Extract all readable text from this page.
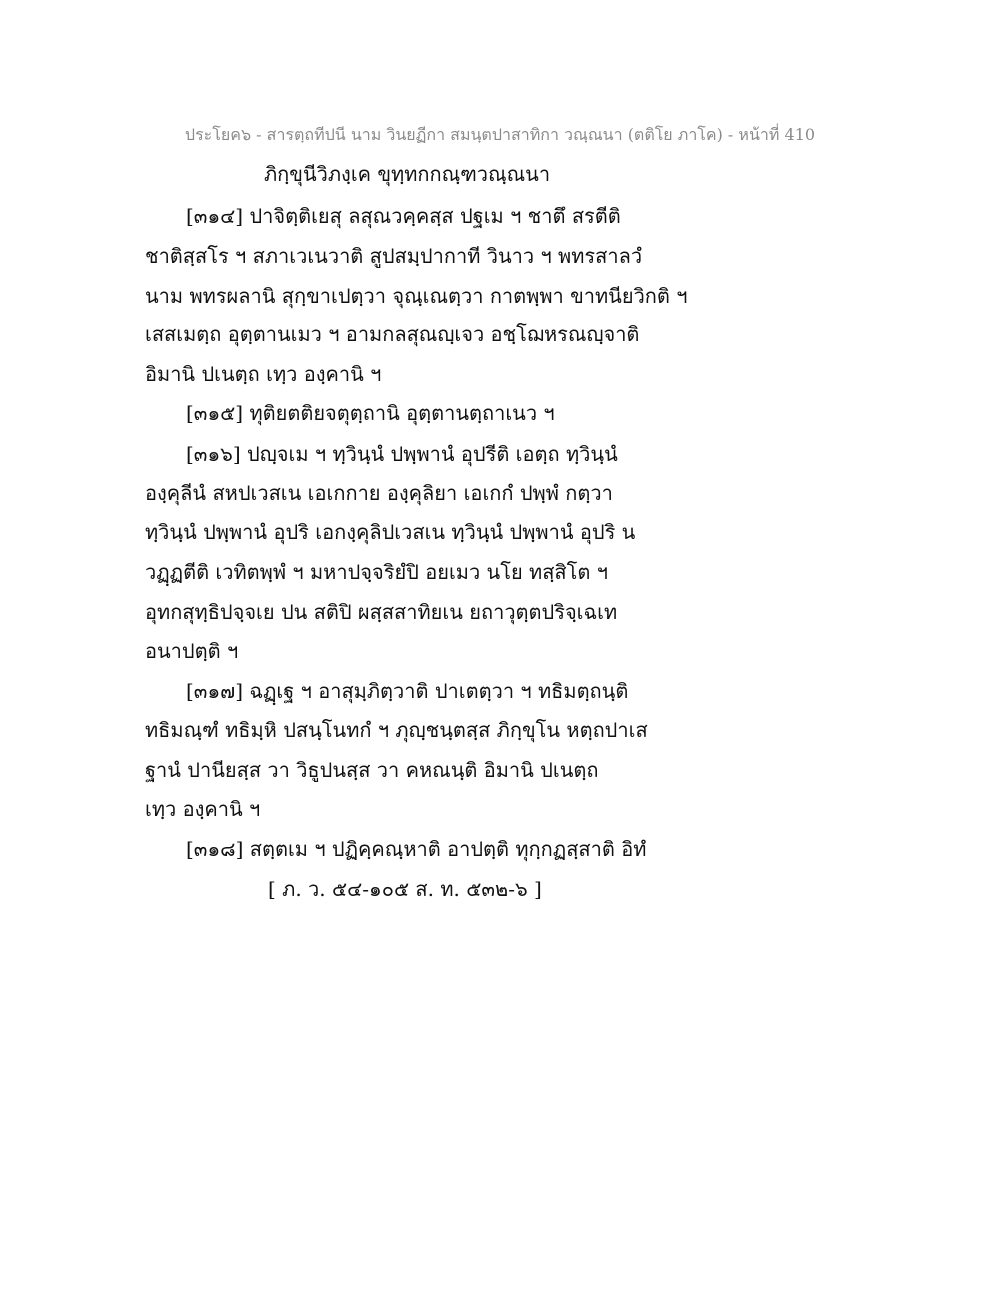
ประโยค๖ - สารตฺถทีปนี นาม วินยฏีกา สมนฺตปาสาทิกา วณฺณนา (ตติโย ภาโค) - หน้าที่ 410
ภิกฺขุนีวิภงฺเค ขุทฺทกกณฺฑวณฺณนา
[๓๑๔] ปาจิตฺติเยสุ ลสุณวคฺคสฺส ปฐเม ฯ ชาตึ สรตีติ
ชาติสฺสโร ฯ สภาเวเนวาติ สูปสมฺปากาที วินาว ฯ พทรสาลวํ
นาม พทรผลานิ สุกฺขาเปตฺวา จุณฺเณตฺวา กาตพฺพา ขาทนียวิกติ ฯ
เสสเมตฺถ อุตฺตานเมว ฯ อามกลสุณญฺเจว อชฺโฌหรณญฺจาติ
อิมานิ ปเนตฺถ เทฺว องฺคานิ ฯ
[๓๑๕] ทุติยตติยจตุตฺถานิ อุตฺตานตฺถาเนว ฯ
[๓๑๖] ปญฺจเม ฯ ทฺวินฺนํ ปพฺพานํ อุปรีติ เอตฺถ ทฺวินฺนํ
องฺคุลีนํ สหปเวสเน เอเกกาย องฺคุลิยา เอเกกํ ปพฺพํ กตฺวา
ทฺวินฺนํ ปพฺพานํ อุปริ เอกงฺคุลิปเวสเน ทฺวินฺนํ ปพฺพานํ อุปริ น
วฏฺฏตีติ เวทิตพฺพํ ฯ มหาปจฺจริยํปิ อยเมว นโย ทสฺสิโต ฯ
อุทกสุทฺธิปจฺจเย ปน สติปิ ผสฺสสาทิยเน ยถาวุตฺตปริจฺเฉเท
อนาปตฺติ ฯ
[๓๑๗] ฉฏฺเฐ ฯ อาสุมฺภิตฺวาติ ปาเตตฺวา ฯ ทธิมตฺถนฺติ
ทธิมณฺฑํ ทธิมฺหิ ปสนฺโนทกํ ฯ ภุญฺชนฺตสฺส ภิกฺขุโน หตฺถปาเส
ฐานํ ปานียสฺส วา วิธูปนสฺส วา คหณนฺติ อิมานิ ปเนตฺถ
เทฺว องฺคานิ ฯ
[๓๑๘] สตฺตเม ฯ ปฏิคฺคณฺหาติ อาปตฺติ ทุกฺกฏสฺสาติ อิทํ
[ ภ. ว. ๕๔-๑๐๕ ส. ท. ๕๓๒-๖ ]
